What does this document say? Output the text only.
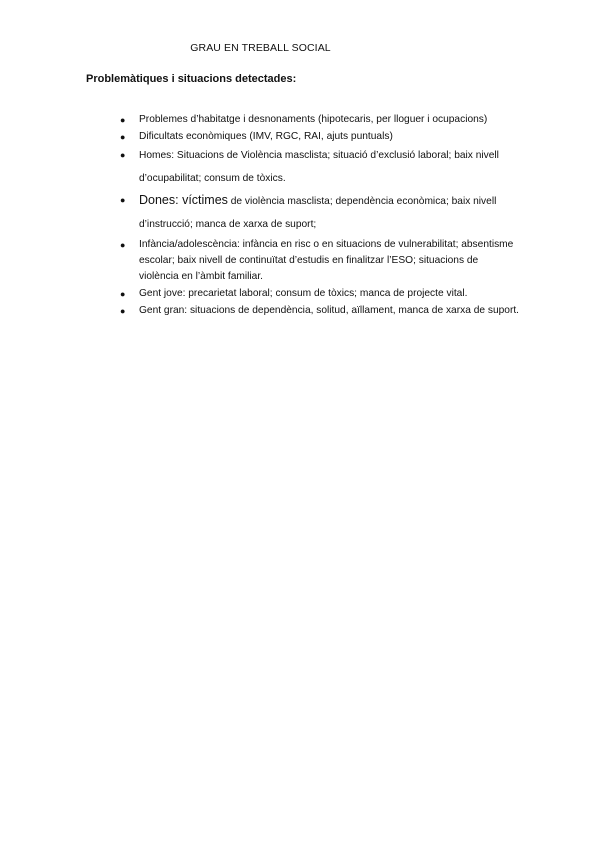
GRAU EN TREBALL SOCIAL
Problemàtiques i situacions detectades:
● Problemes d’habitatge i desnonaments (hipotecaris, per lloguer i ocupacions)
● Dificultats econòmiques (IMV, RGC, RAI, ajuts puntuals)
● Homes: Situacions de Violència masclista; situació d’exclusió laboral; baix nivell d’ocupabilitat; consum de tòxics.
● Dones: víctimes de violència masclista; dependència econòmica; baix nivell d’instrucció; manca de xarxa de suport;
● Infància/adolescència: infància en risc o en situacions de vulnerabilitat; absentisme escolar; baix nivell de continuïtat d’estudis en finalitzar l’ESO; situacions de violència en l’àmbit familiar.
● Gent jove: precarietat laboral; consum de tòxics; manca de projecte vital.
● Gent gran: situacions de dependència, solitud, aïllament, manca de xarxa de suport.
